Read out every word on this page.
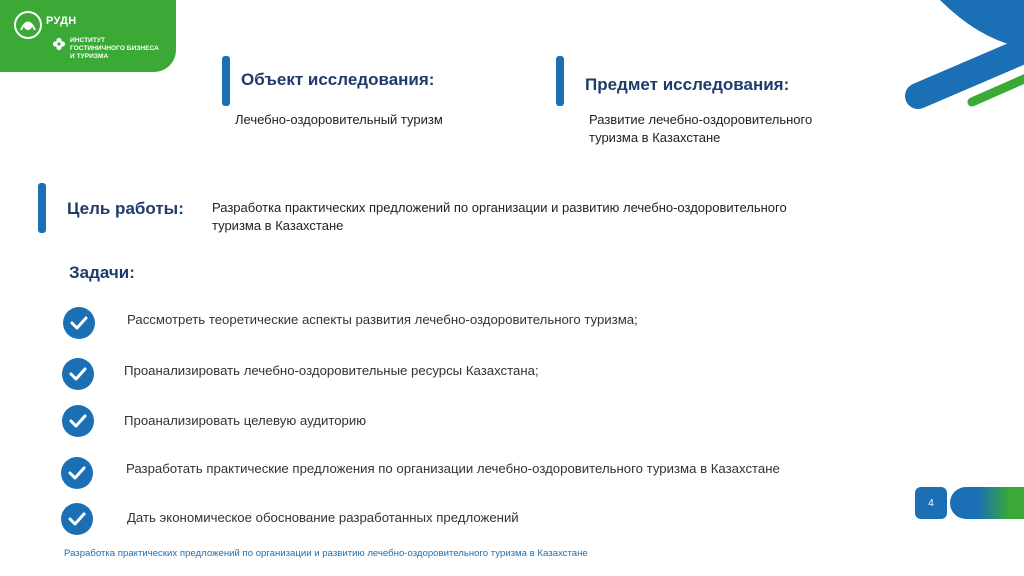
РУДН
ИНСТИТУТ
ГОСТИНИЧНОГО БИЗНЕСА
И ТУРИЗМА
Объект исследования:
Лечебно-оздоровительный туризм
Предмет исследования:
Развитие лечебно-оздоровительного
туризма в Казахстане
Цель работы: Разработка практических предложений по организации и развитию лечебно-оздоровительного
туризма в Казахстане
Задачи:
Рассмотреть теоретические аспекты развития лечебно-оздоровительного туризма;
Проанализировать лечебно-оздоровительные ресурсы Казахстана;
Проанализировать целевую аудиторию
Разработать практические предложения по организации лечебно-оздоровительного туризма в Казахстане
Дать экономическое обоснование разработанных предложений
4
Разработка практических предложений по организации и развитию лечебно-оздоровительного туризма в Казахстане
